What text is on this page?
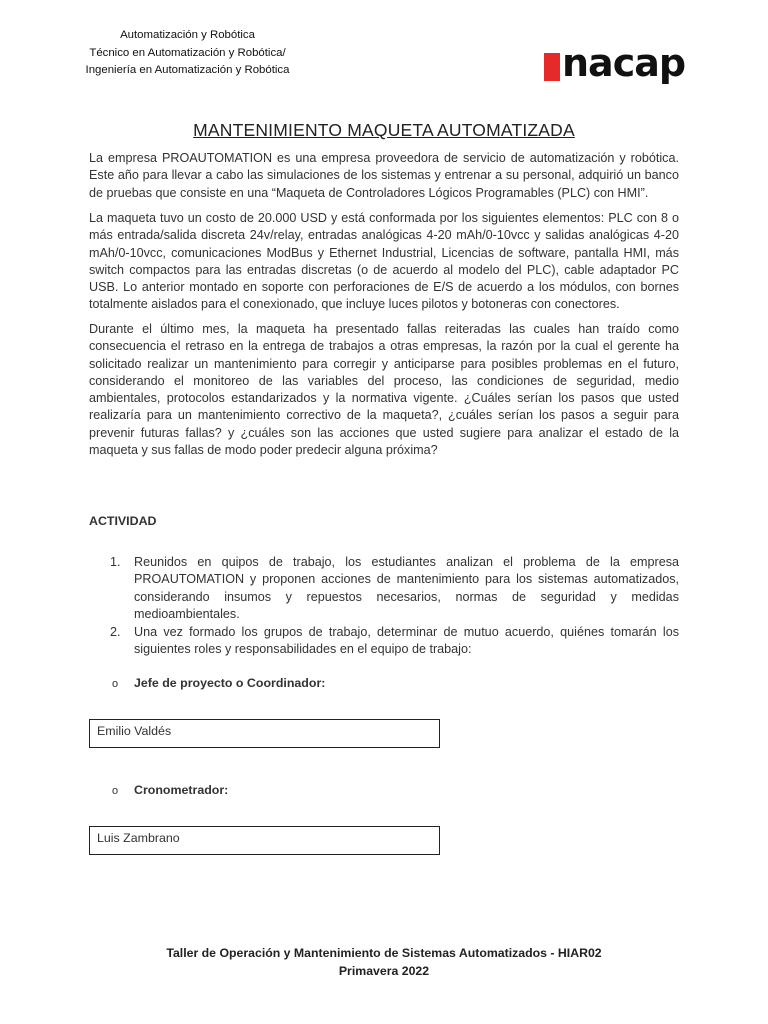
Automatización y Robótica
Técnico en Automatización y Robótica/
Ingeniería en Automatización y Robótica	nacap
MANTENIMIENTO MAQUETA AUTOMATIZADA
La empresa PROAUTOMATION es una empresa proveedora de servicio de automatización y robótica. Este año para llevar a cabo las simulaciones de los sistemas y entrenar a su personal, adquirió un banco de pruebas que consiste en una “Maqueta de Controladores Lógicos Programables (PLC) con HMI”.
La maqueta tuvo un costo de 20.000 USD y está conformada por los siguientes elementos: PLC con 8 o más entrada/salida discreta 24v/relay, entradas analógicas 4-20 mAh/0-10vcc y salidas analógicas 4-20 mAh/0-10vcc, comunicaciones ModBus y Ethernet Industrial, Licencias de software, pantalla HMI, más switch compactos para las entradas discretas (o de acuerdo al modelo del PLC), cable adaptador PC USB. Lo anterior montado en soporte con perforaciones de E/S de acuerdo a los módulos, con bornes totalmente aislados para el conexionado, que incluye luces pilotos y botoneras con conectores.
Durante el último mes, la maqueta ha presentado fallas reiteradas las cuales han traído como consecuencia el retraso en la entrega de trabajos a otras empresas, la razón por la cual el gerente ha solicitado realizar un mantenimiento para corregir y anticiparse para posibles problemas en el futuro, considerando el monitoreo de las variables del proceso, las condiciones de seguridad, medio ambientales, protocolos estandarizados y la normativa vigente. ¿Cuáles serían los pasos que usted realizaría para un mantenimiento correctivo de la maqueta?, ¿cuáles serían los pasos a seguir para prevenir futuras fallas? y ¿cuáles son las acciones que usted sugiere para analizar el estado de la maqueta y sus fallas de modo poder predecir alguna próxima?
ACTIVIDAD
1. Reunidos en quipos de trabajo, los estudiantes analizan el problema de la empresa PROAUTOMATION y proponen acciones de mantenimiento para los sistemas automatizados, considerando insumos y repuestos necesarios, normas de seguridad y medidas medioambientales.
2. Una vez formado los grupos de trabajo, determinar de mutuo acuerdo, quiénes tomarán los siguientes roles y responsabilidades en el equipo de trabajo:
o Jefe de proyecto o Coordinador:
Emilio Valdés
o Cronometrador:
Luis Zambrano
Taller de Operación y Mantenimiento de Sistemas Automatizados - HIAR02
Primavera 2022
